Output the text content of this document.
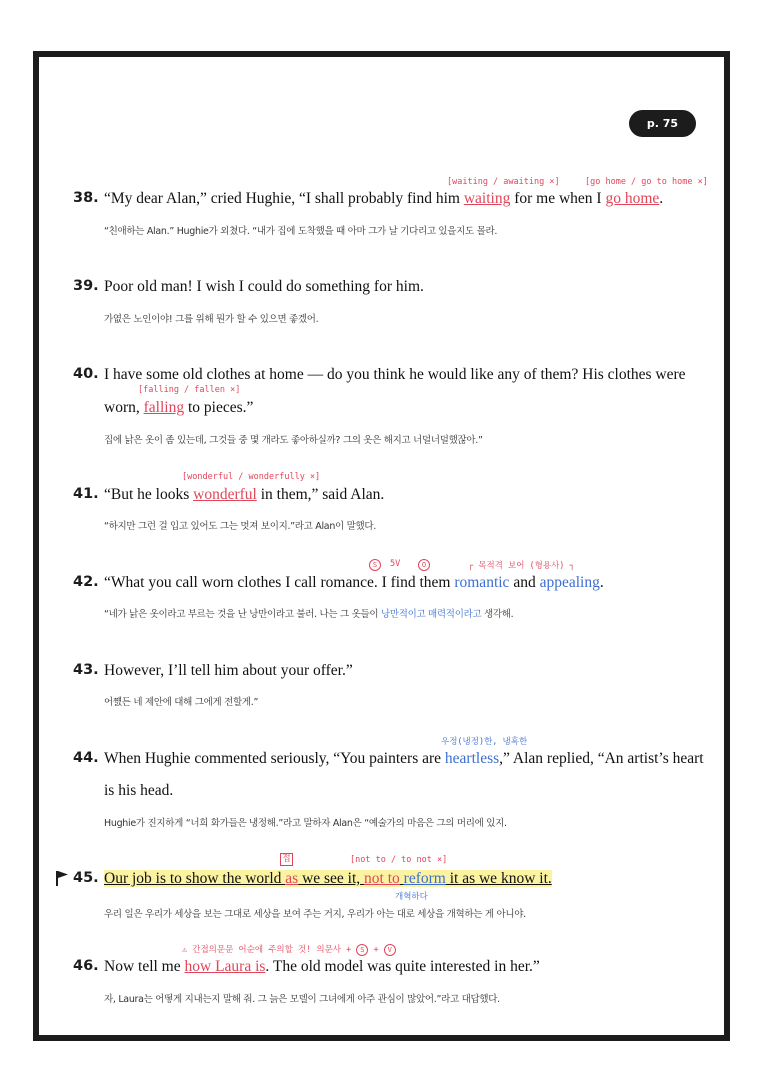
p. 75
[waiting / awaiting ×]	[go home / go to home ×]
38. “My dear Alan,” cried Hughie, “I shall probably find him waiting for me when I go home.
“친애하는 Alan.” Hughie가 외쳤다. “내가 집에 도착했을 때 아마 그가 날 기다리고 있을지도 몰라.
39. Poor old man! I wish I could do something for him.
가엾은 노인이야! 그를 위해 뭔가 할 수 있으면 좋겠어.
40. I have some old clothes at home — do you think he would like any of them? His clothes were
[falling / fallen ×]
worn, falling to pieces.”
집에 낡은 옷이 좀 있는데, 그것들 중 몇 개라도 좋아하실까? 그의 옷은 해지고 너덜너덜했잖아.”
[wonderful / wonderfully ×]
41. “But he looks wonderful in them,” said Alan.
“하지만 그런 걸 입고 있어도 그는 멋져 보이지.”라고 Alan이 말했다.
S	5V	O	┌ 목적격 보어 (형용사) ┐
42. “What you call worn clothes I call romance. I find them romantic and appealing.
“네가 낡은 옷이라고 부르는 것을 난 낭만이라고 불러. 나는 그 옷들이 낭만적이고 매력적이라고 생각해.
43. However, I’ll tell him about your offer.”
어쨼든 네 제안에 대해 그에게 전할게.”
우정(냉정)한, 냉혹한
44. When Hughie commented seriously, “You painters are heartless,” Alan replied, “An artist’s heart
is his head.
Hughie가 진지하게 “너희 화가들은 냉정해.”라고 말하자 Alan은 “예술가의 마음은 그의 머리에 있지.
접	[not to / to not ×]
45. Our job is to show the world as we see it, not to reform it as we know it.
개혁하다
우리 일은 우리가 세상을 보는 그대로 세상을 보여 주는 거지, 우리가 아는 대로 세상을 개혁하는 게 아니야.
⚠ 간접의문문 어순에 주의할 것! 의문사 + S + V
46. Now tell me how Laura is. The old model was quite interested in her.”
자, Laura는 어떻게 지내는지 말해 줘. 그 늙은 모델이 그녀에게 아주 관심이 많았어.”라고 대답했다.
